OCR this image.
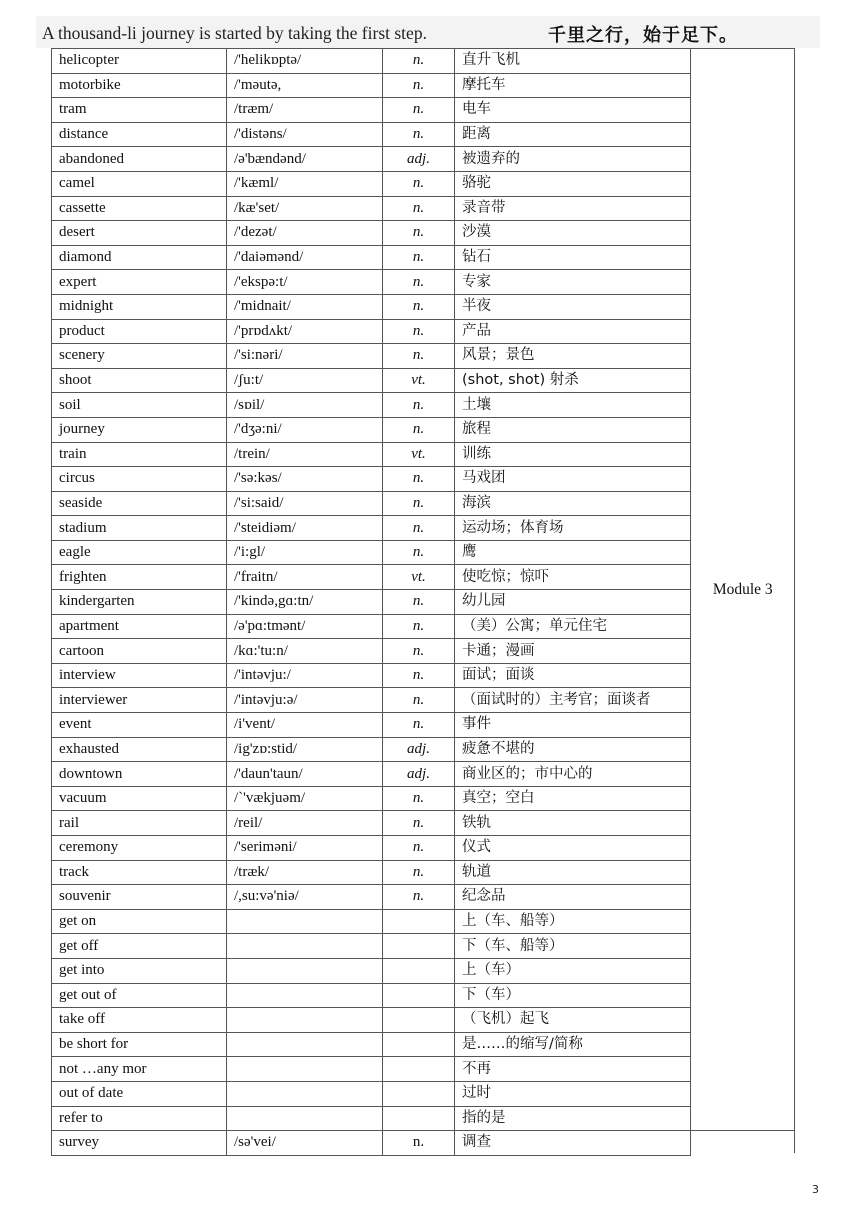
A thousand-li journey is started by taking the first step.	千里之行，始于足下。
helicopter	/'helikɒptə/	n.	直升飞机	Module 3
motorbike	/'məutə,	n.	摩托车	
tram	/træm/	n.	电车	
distance	/'distəns/	n.	距离	
abandoned	/ə'bændənd/	adj.	被遗弃的	
camel	/'kæml/	n.	骆驼	
cassette	/kæ'set/	n.	录音带	
desert	/'dezət/	n.	沙漠	
diamond	/'daiəmənd/	n.	钻石	
expert	/'ekspə:t/	n.	专家	
midnight	/'midnait/	n.	半夜	
product	/'prɒdʌkt/	n.	产品	
scenery	/'si:nəri/	n.	风景；景色	
shoot	/ʃu:t/	vt.	(shot, shot) 射杀	
soil	/sɒil/	n.	土壤	
journey	/'dʒə:ni/	n.	旅程	
train	/trein/	vt.	训练	
circus	/'sə:kəs/	n.	马戏团	
seaside	/'si:said/	n.	海滨	
stadium	/'steidiəm/	n.	运动场；体育场	
eagle	/'i:gl/	n.	鹰	
frighten	/'fraitn/	vt.	使吃惊；惊吓	
kindergarten	/'kində,gɑ:tn/	n.	幼儿园	
apartment	/ə'pɑ:tmənt/	n.	（美）公寓；单元住宅	
cartoon	/kɑ:'tu:n/	n.	卡通；漫画	
interview	/'intəvju:/	n.	面试；面谈	
interviewer	/'intəvju:ə/	n.	（面试时的）主考官；面谈者	
event	/i'vent/	n.	事件	
exhausted	/ig'zɒ:stid/	adj.	疲惫不堪的	
downtown	/'daun'taun/	adj.	商业区的；市中心的	
vacuum	/ˋ'vækjuəm/	n.	真空；空白	
rail	/reil/	n.	铁轨	
ceremony	/'seriməni/	n.	仪式	
track	/træk/	n.	轨道	
souvenir	/,su:və'niə/	n.	纪念品	
get on			上（车、船等）	
get off			下（车、船等）	
get into			上（车）	
get out of			下（车）	
take off			（飞机）起飞	
be short for			是……的缩写/简称	
not …any mor			不再	
out of date			过时	
refer to			指的是	
survey	/sə'vei/	n.	调查	
3
